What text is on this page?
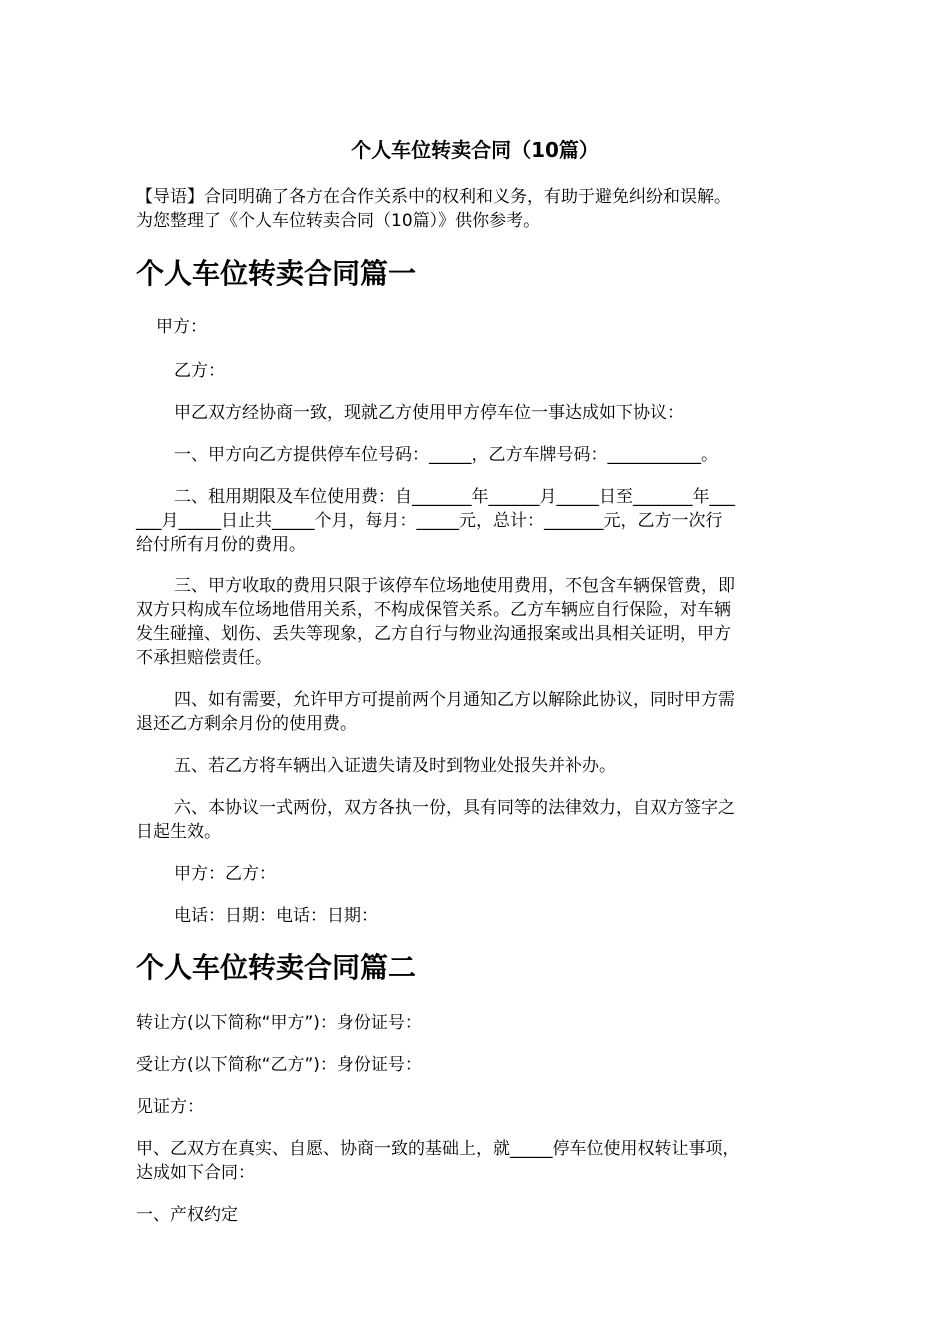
个人车位转卖合同（10篇）
【导语】合同明确了各方在合作关系中的权利和义务，有助于避免纠纷和误解。
为您整理了《个人车位转卖合同（10篇）》供你参考。
个人车位转卖合同篇一
甲方：
乙方：
甲乙双方经协商一致，现就乙方使用甲方停车位一事达成如下协议：
一、甲方向乙方提供停车位号码：_____，乙方车牌号码：___________。
二、租用期限及车位使用费：自_______年______月_____日至_______年___
___月_____日止共_____个月，每月：_____元，总计：_______元，乙方一次行
给付所有月份的费用。
三、甲方收取的费用只限于该停车位场地使用费用，不包含车辆保管费，即
双方只构成车位场地借用关系，不构成保管关系。乙方车辆应自行保险，对车辆
发生碰撞、划伤、丢失等现象，乙方自行与物业沟通报案或出具相关证明，甲方
不承担赔偿责任。
四、如有需要，允许甲方可提前两个月通知乙方以解除此协议，同时甲方需
退还乙方剩余月份的使用费。
五、若乙方将车辆出入证遗失请及时到物业处报失并补办。
六、本协议一式两份，双方各执一份，具有同等的法律效力，自双方签字之
日起生效。
甲方：乙方：
电话：日期：电话：日期：
个人车位转卖合同篇二
转让方(以下简称“甲方”)：身份证号：
受让方(以下简称“乙方”)：身份证号：
见证方：
甲、乙双方在真实、自愿、协商一致的基础上，就_____停车位使用权转让事项，
达成如下合同：
一、产权约定
